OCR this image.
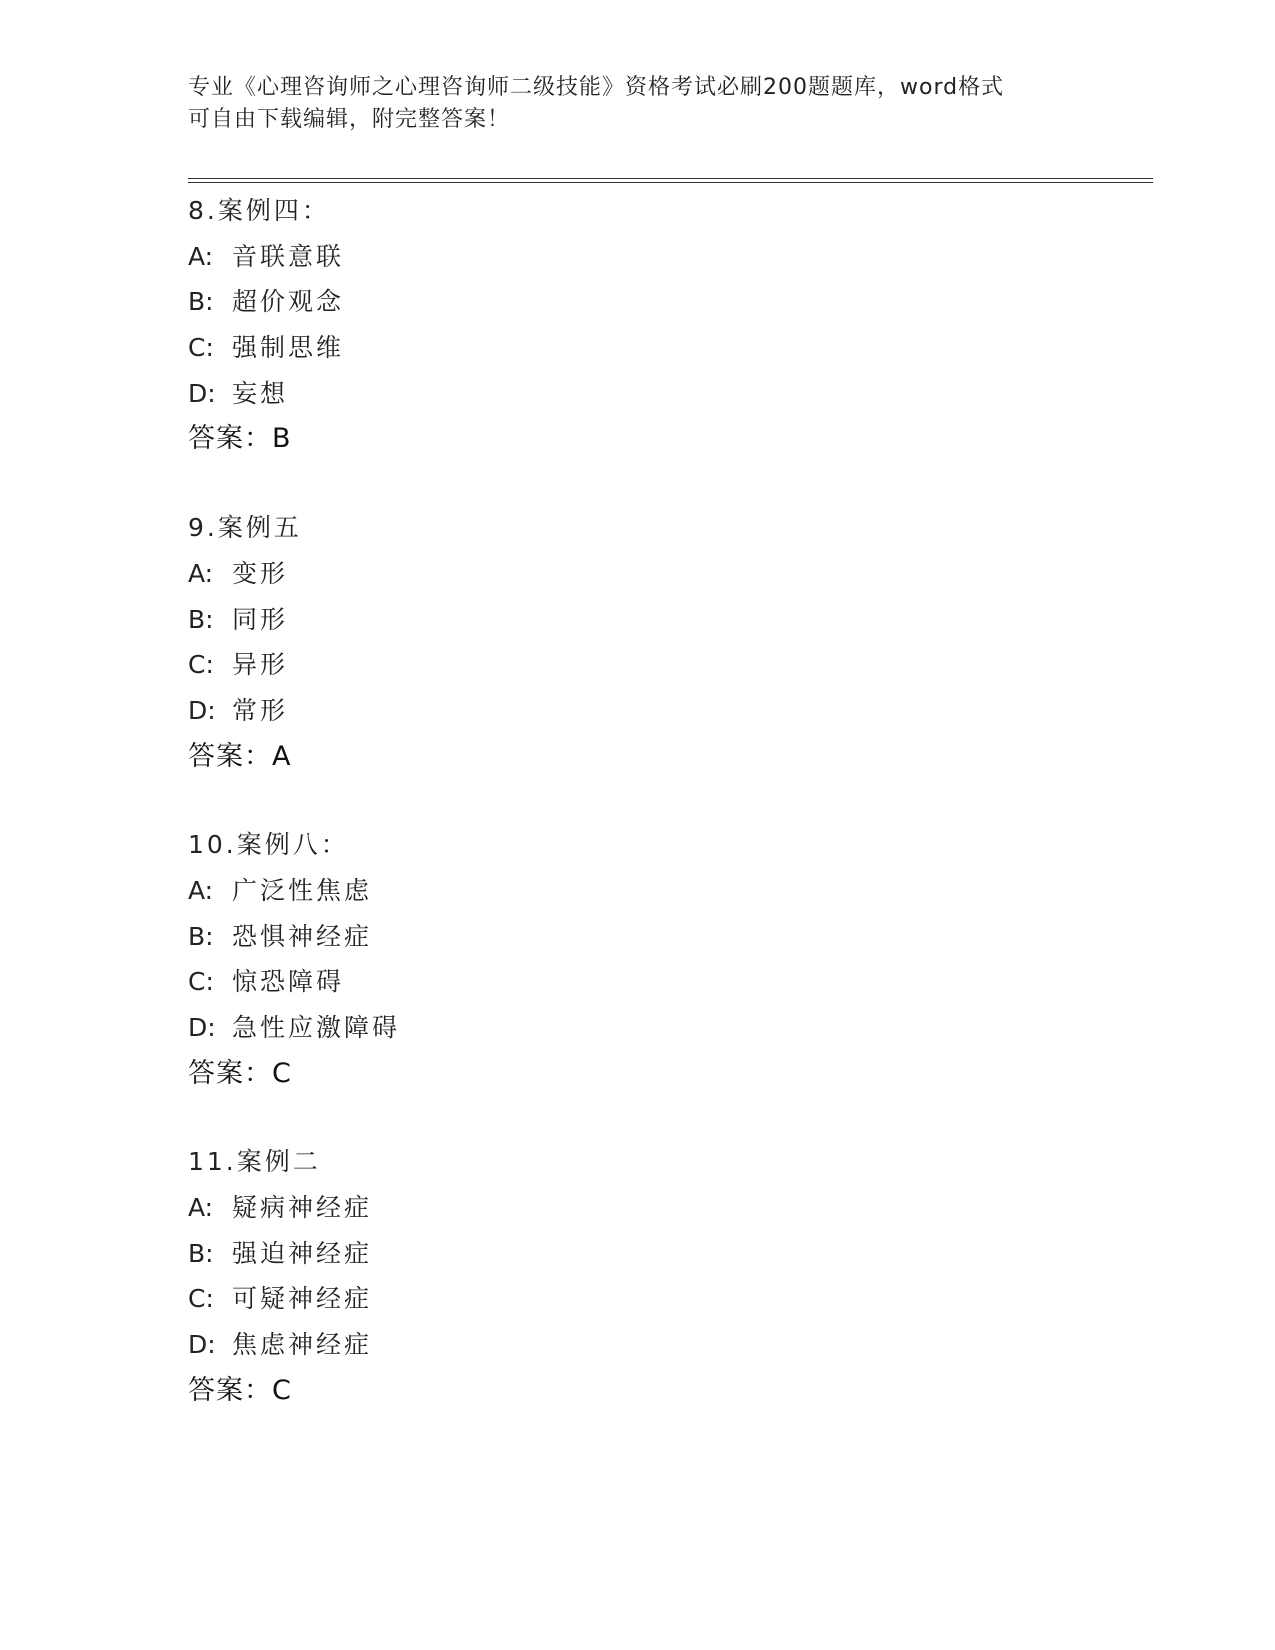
专业《心理咨询师之心理咨询师二级技能》资格考试必刷200题题库，word格式
可自由下载编辑，附完整答案！
8.案例四：
A: 音联意联
B: 超价观念
C: 强制思维
D: 妄想
答案：B
9.案例五
A: 变形
B: 同形
C: 异形
D: 常形
答案：A
10.案例八：
A: 广泛性焦虑
B: 恐惧神经症
C: 惊恐障碍
D: 急性应激障碍
答案：C
11.案例二
A: 疑病神经症
B: 强迫神经症
C: 可疑神经症
D: 焦虑神经症
答案：C
